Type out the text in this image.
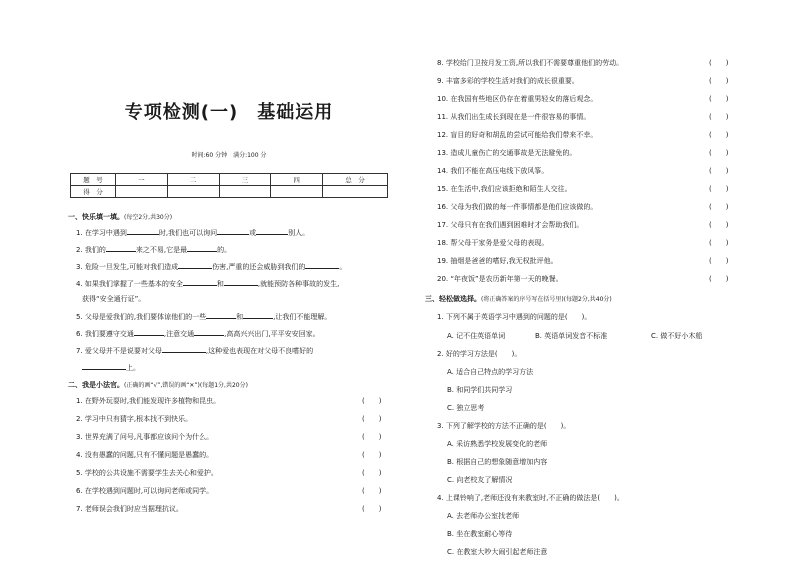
专项检测(一)　基础运用
时间:60 分钟　满分:100 分
题　号	一	二	三	四	总　分
得　分					
一、快乐填一填。(每空2分,共30分)
1. 在学习中遇到	时,我们也可以询问	或	别人。
2. 我们的	来之不易,它是最	的。
3. 危险一旦发生,可能对我们造成	伤害,严重的还会威胁到我们的	。
4. 如果我们掌握了一些基本的安全	和	,就能预防各种事故的发生,
获得“安全通行证”。
5. 父母是爱我们的,我们要体谅他们的一些	和	,让我们不能理解。
6. 我们要遵守交通	,注意交通	,高高兴兴出门,平平安安回家。
7. 爱父母并不是说要对父母	,这种爱也表现在对父母不良嗜好的
上。
二、我是小法官。(正确的画“√”,错误的画“✕”)(每题1分,共20分)
1. 在野外玩耍时,我们能发现许多植物和昆虫。	(　　)
2. 学习中只有猜字,根本找不到快乐。	(　　)
3. 世界充满了问号,凡事都应该问个为什么。	(　　)
4. 没有愚蠢的问题,只有不懂问题是愚蠢的。	(　　)
5. 学校的公共设施不需要学生去关心和爱护。	(　　)
6. 在学校遇到问题时,可以询问老师或同学。	(　　)
7. 老师误会我们时应当据理抗议。	(　　)
8. 学校给门卫按月发工资,所以我们不需要尊重他们的劳动。	(　　)
9. 丰富多彩的学校生活对我们的成长很重要。	(　　)
10. 在我国有些地区仍存在着重男轻女的落后观念。	(　　)
11. 从我们出生成长到现在是一件很容易的事情。	(　　)
12. 盲目的好奇和胡乱的尝试可能给我们带来不幸。	(　　)
13. 造成儿童伤亡的交通事故是无法避免的。	(　　)
14. 我们不能在高压电线下放风筝。	(　　)
15. 在生活中,我们应该拒绝和陌生人交往。	(　　)
16. 父母为我们做的每一件事情都是他们应该做的。	(　　)
17. 父母只有在我们遇到困难时才会帮助我们。	(　　)
18. 帮父母干家务是爱父母的表现。	(　　)
19. 抽烟是爸爸的嗜好,我无权批评他。	(　　)
20. “年夜饭”是农历新年第一天的晚餐。	(　　)
三、轻松做选择。(将正确答案的序号写在括号里)(每题2分,共40分)
1. 下列不属于英语学习中遇到的问题的是(　　)。
A. 记不住英语单词	B. 英语单词发音不标准	C. 做不好小木船
2. 好的学习方法是(　　)。
A. 适合自己特点的学习方法
B. 和同学们共同学习
C. 独立思考
3. 下列了解学校的方法不正确的是(　　)。
A. 采访熟悉学校发展变化的老师
B. 根据自己的想象随意增加内容
C. 向老校友了解情况
4. 上课铃响了,老师还没有来教室时,不正确的做法是(　　)。
A. 去老师办公室找老师
B. 坐在教室耐心等待
C. 在教室大吵大闹引起老师注意
